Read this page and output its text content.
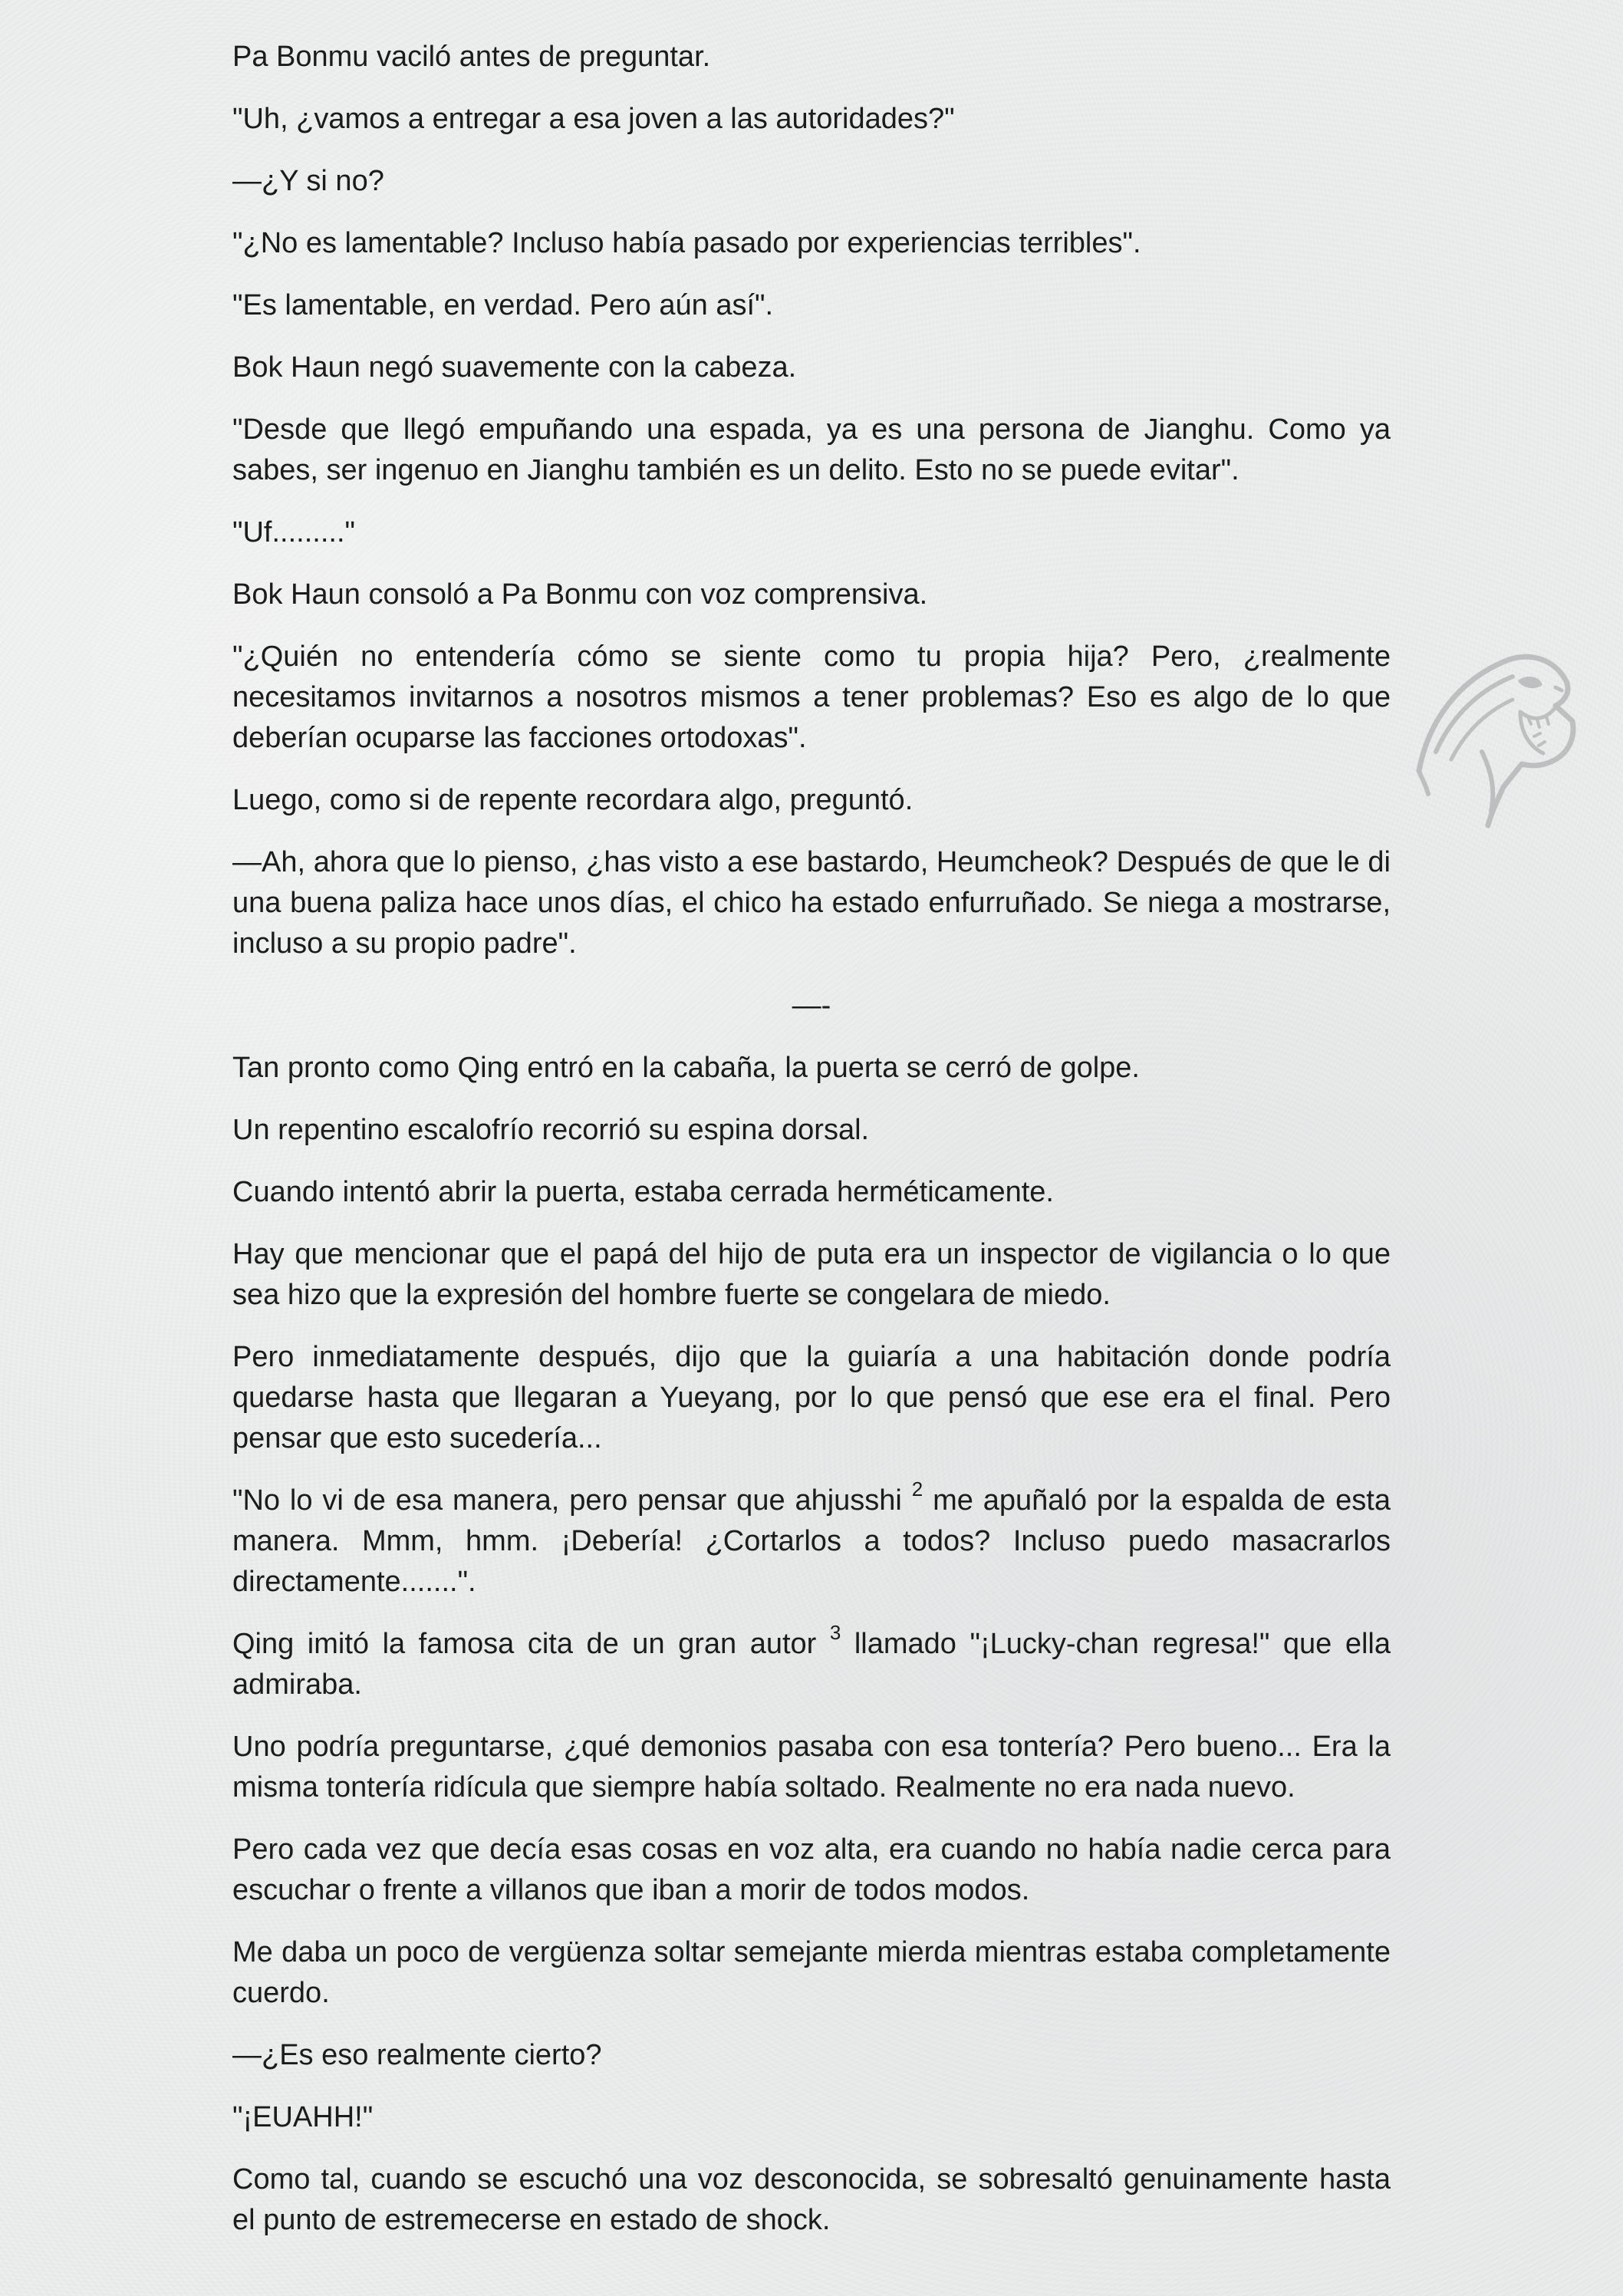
Pa Bonmu vaciló antes de preguntar.

"Uh, ¿vamos a entregar a esa joven a las autoridades?"

—¿Y si no?

"¿No es lamentable? Incluso había pasado por experiencias terribles".

"Es lamentable, en verdad. Pero aún así".

Bok Haun negó suavemente con la cabeza.

"Desde que llegó empuñando una espada, ya es una persona de Jianghu. Como ya sabes, ser ingenuo en Jianghu también es un delito. Esto no se puede evitar".

"Uf........."

Bok Haun consoló a Pa Bonmu con voz comprensiva.

"¿Quién no entendería cómo se siente como tu propia hija? Pero, ¿realmente necesitamos invitarnos a nosotros mismos a tener problemas? Eso es algo de lo que deberían ocuparse las facciones ortodoxas".

Luego, como si de repente recordara algo, preguntó.

—Ah, ahora que lo pienso, ¿has visto a ese bastardo, Heumcheok? Después de que le di una buena paliza hace unos días, el chico ha estado enfurruñado. Se niega a mostrarse, incluso a su propio padre".

—-

Tan pronto como Qing entró en la cabaña, la puerta se cerró de golpe.

Un repentino escalofrío recorrió su espina dorsal.

Cuando intentó abrir la puerta, estaba cerrada herméticamente.

Hay que mencionar que el papá del hijo de puta era un inspector de vigilancia o lo que sea hizo que la expresión del hombre fuerte se congelara de miedo.

Pero inmediatamente después, dijo que la guiaría a una habitación donde podría quedarse hasta que llegaran a Yueyang, por lo que pensó que ese era el final. Pero pensar que esto sucedería...

"No lo vi de esa manera, pero pensar que ahjusshi $^2$ me apuñaló por la espalda de esta manera. Mmm, hmm. ¡Debería! ¿Cortarlos a todos? Incluso puedo masacrarlos directamente.......".

Qing imitó la famosa cita de un gran autor $^3$ llamado "¡Lucky-chan regresa!" que ella admiraba.

Uno podría preguntarse, ¿qué demonios pasaba con esa tontería? Pero bueno... Era la misma tontería ridícula que siempre había soltado. Realmente no era nada nuevo.

Pero cada vez que decía esas cosas en voz alta, era cuando no había nadie cerca para escuchar o frente a villanos que iban a morir de todos modos.

Me daba un poco de vergüenza soltar semejante mierda mientras estaba completamente cuerdo.

—¿Es eso realmente cierto?

"¡EUAHH!"

Como tal, cuando se escuchó una voz desconocida, se sobresaltó genuinamente hasta el punto de estremecerse en estado de shock.
